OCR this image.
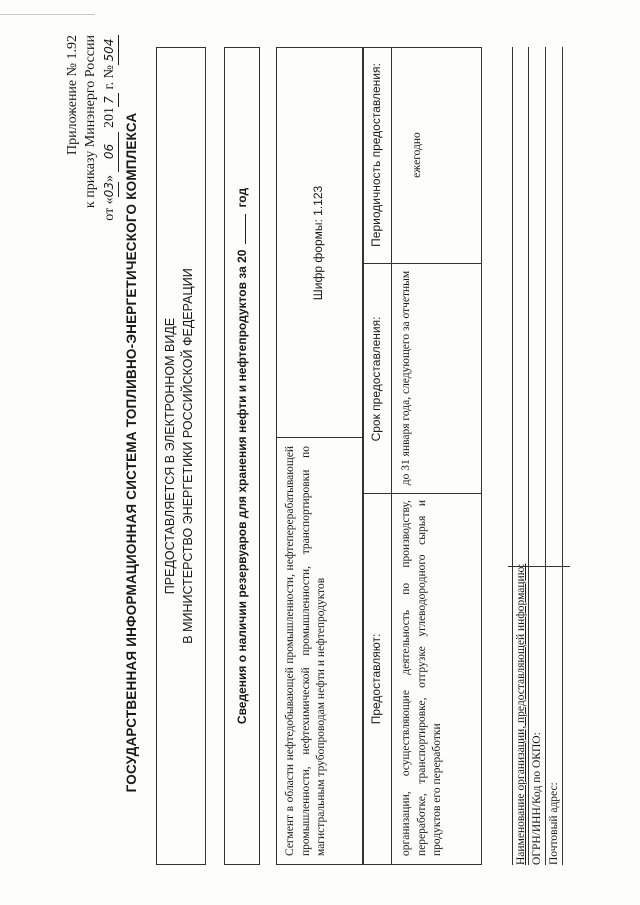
Приложение № 1.92 к приказу Минэнерго России
от «03» 06 2017 г. №504
ГОСУДАРСТВЕННАЯ ИНФОРМАЦИОННАЯ СИСТЕМА ТОПЛИВНО-ЭНЕРГЕТИЧЕСКОГО КОМПЛЕКСА ПРЕДОСТАВЛЯЕТСЯ В ЭЛЕКТРОННОМ ВИДЕ В МИНИСТЕРСТВО ЭНЕРГЕТИКИ РОССИЙСКОЙ ФЕДЕРАЦИИ	Сведения о наличии резервуаров для хранения нефти и нефтепродуктов за 20год
Сегмент в области нефтедобывающей промышленности, нефтеперерабатывающей промышленности, нефтехимической промышленности, транспортировки по магистральным трубопроводам нефти и нефтепродуктов
Шифр формы: 1.123
Предоставляют:
Срок предоставления:
Периодичность предоставления:
организации, осуществляющие деятельность по производству, переработке, транспортировке, отгрузке углеводородного сырья и продуктов его переработки
до 31 января года, следующего за отчетным
ежегодно
Наименование организации, предоставляющей информацию: ОГРН/ИНН/Код по ОКПО: Почтовый адрес:
